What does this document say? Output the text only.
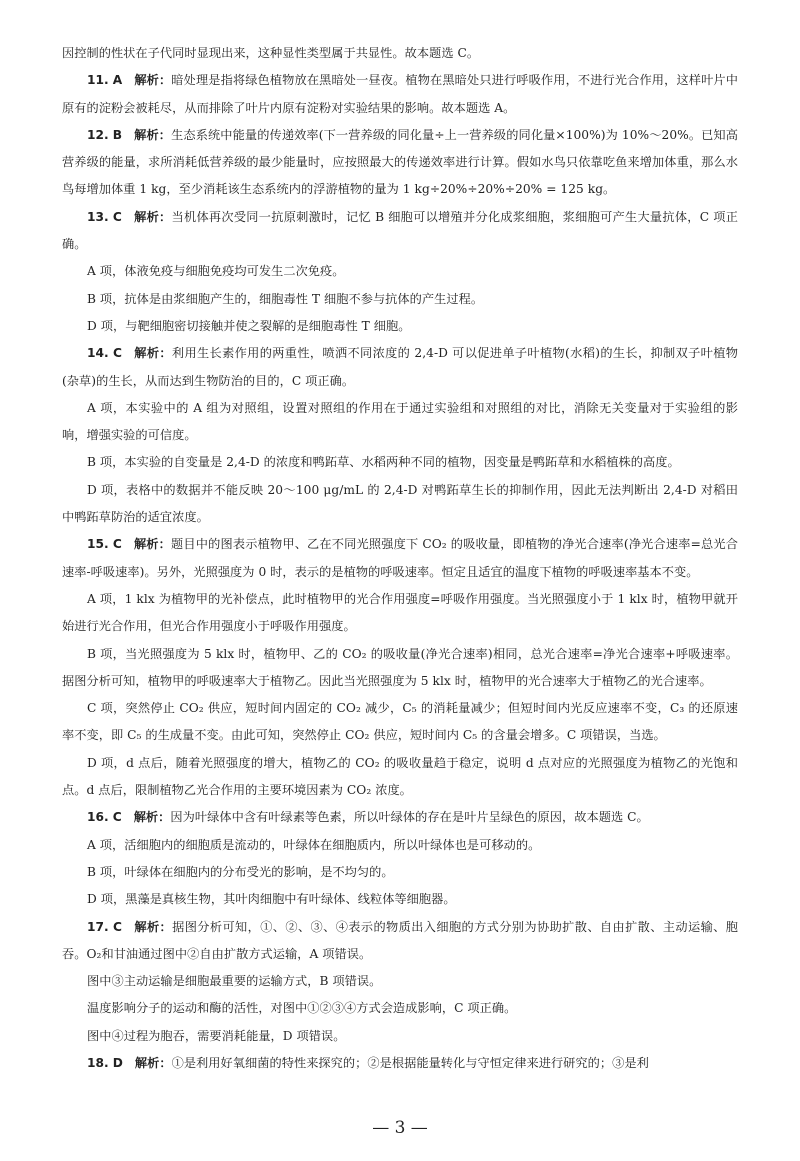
因控制的性状在子代同时显现出来，这种显性类型属于共显性。故本题选 C。

11. A 解析：暗处理是指将绿色植物放在黑暗处一昼夜。植物在黑暗处只进行呼吸作用，不进行光合作用，这样叶片中原有的淀粉会被耗尽，从而排除了叶片内原有淀粉对实验结果的影响。故本题选 A。

12. B 解析：生态系统中能量的传递效率(下一营养级的同化量÷上一营养级的同化量×100%)为 10%～20%。已知高营养级的能量，求所消耗低营养级的最少能量时，应按照最大的传递效率进行计算。假如水鸟只依靠吃鱼来增加体重，那么水鸟每增加体重 1 kg，至少消耗该生态系统内的浮游植物的量为 1 kg÷20%÷20%÷20% = 125 kg。

13. C 解析：当机体再次受同一抗原刺激时，记忆 B 细胞可以增殖并分化成浆细胞，浆细胞可产生大量抗体，C 项正确。

A 项，体液免疫与细胞免疫均可发生二次免疫。

B 项，抗体是由浆细胞产生的，细胞毒性 T 细胞不参与抗体的产生过程。

D 项，与靶细胞密切接触并使之裂解的是细胞毒性 T 细胞。

14. C 解析：利用生长素作用的两重性，喷洒不同浓度的 2,4-D 可以促进单子叶植物(水稻)的生长，抑制双子叶植物(杂草)的生长，从而达到生物防治的目的，C 项正确。

A 项，本实验中的 A 组为对照组，设置对照组的作用在于通过实验组和对照组的对比，消除无关变量对于实验组的影响，增强实验的可信度。

B 项，本实验的自变量是 2,4-D 的浓度和鸭跖草、水稻两种不同的植物，因变量是鸭跖草和水稻植株的高度。

D 项，表格中的数据并不能反映 20～100 μg/mL 的 2,4-D 对鸭跖草生长的抑制作用，因此无法判断出 2,4-D 对稻田中鸭跖草防治的适宜浓度。

15. C 解析：题目中的图表示植物甲、乙在不同光照强度下 CO₂ 的吸收量，即植物的净光合速率(净光合速率=总光合速率-呼吸速率)。另外，光照强度为 0 时，表示的是植物的呼吸速率。恒定且适宜的温度下植物的呼吸速率基本不变。

A 项，1 klx 为植物甲的光补偿点，此时植物甲的光合作用强度=呼吸作用强度。当光照强度小于 1 klx 时，植物甲就开始进行光合作用，但光合作用强度小于呼吸作用强度。

B 项，当光照强度为 5 klx 时，植物甲、乙的 CO₂ 的吸收量(净光合速率)相同，总光合速率=净光合速率+呼吸速率。据图分析可知，植物甲的呼吸速率大于植物乙。因此当光照强度为 5 klx 时，植物甲的光合速率大于植物乙的光合速率。

C 项，突然停止 CO₂ 供应，短时间内固定的 CO₂ 减少，C₅ 的消耗量减少；但短时间内光反应速率不变，C₃ 的还原速率不变，即 C₅ 的生成量不变。由此可知，突然停止 CO₂ 供应，短时间内 C₅ 的含量会增多。C 项错误，当选。

D 项，d 点后，随着光照强度的增大，植物乙的 CO₂ 的吸收量趋于稳定，说明 d 点对应的光照强度为植物乙的光饱和点。d 点后，限制植物乙光合作用的主要环境因素为 CO₂ 浓度。

16. C 解析：因为叶绿体中含有叶绿素等色素，所以叶绿体的存在是叶片呈绿色的原因，故本题选 C。

A 项，活细胞内的细胞质是流动的，叶绿体在细胞质内，所以叶绿体也是可移动的。

B 项，叶绿体在细胞内的分布受光的影响，是不均匀的。

D 项，黑藻是真核生物，其叶肉细胞中有叶绿体、线粒体等细胞器。

17. C 解析：据图分析可知，①、②、③、④表示的物质出入细胞的方式分别为协助扩散、自由扩散、主动运输、胞吞。O₂和甘油通过图中②自由扩散方式运输，A 项错误。

图中③主动运输是细胞最重要的运输方式，B 项错误。

温度影响分子的运动和酶的活性，对图中①②③④方式会造成影响，C 项正确。

图中④过程为胞吞，需要消耗能量，D 项错误。

18. D 解析：①是利用好氧细菌的特性来探究的；②是根据能量转化与守恒定律来进行研究的；③是利

— 3 —
